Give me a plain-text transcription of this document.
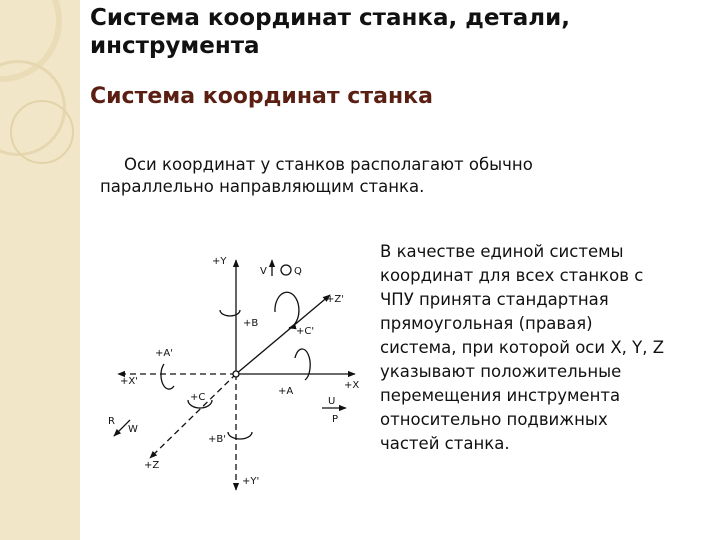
Система координат станка, детали, инструмента
Система координат станка
Оси координат у станков располагают обычно
параллельно направляющим станка.
+Y
V	Q
+Z'
+B
+C'
+A'
+X'
+A
+X
+C	U
P
R
W
+B'
+Z
+Y'
В качестве единой системы
координат для всех станков с
ЧПУ принята стандартная
прямоугольная (правая)
система, при которой оси X, Y, Z
указывают положительные
перемещения инструмента
относительно подвижных
частей станка.
